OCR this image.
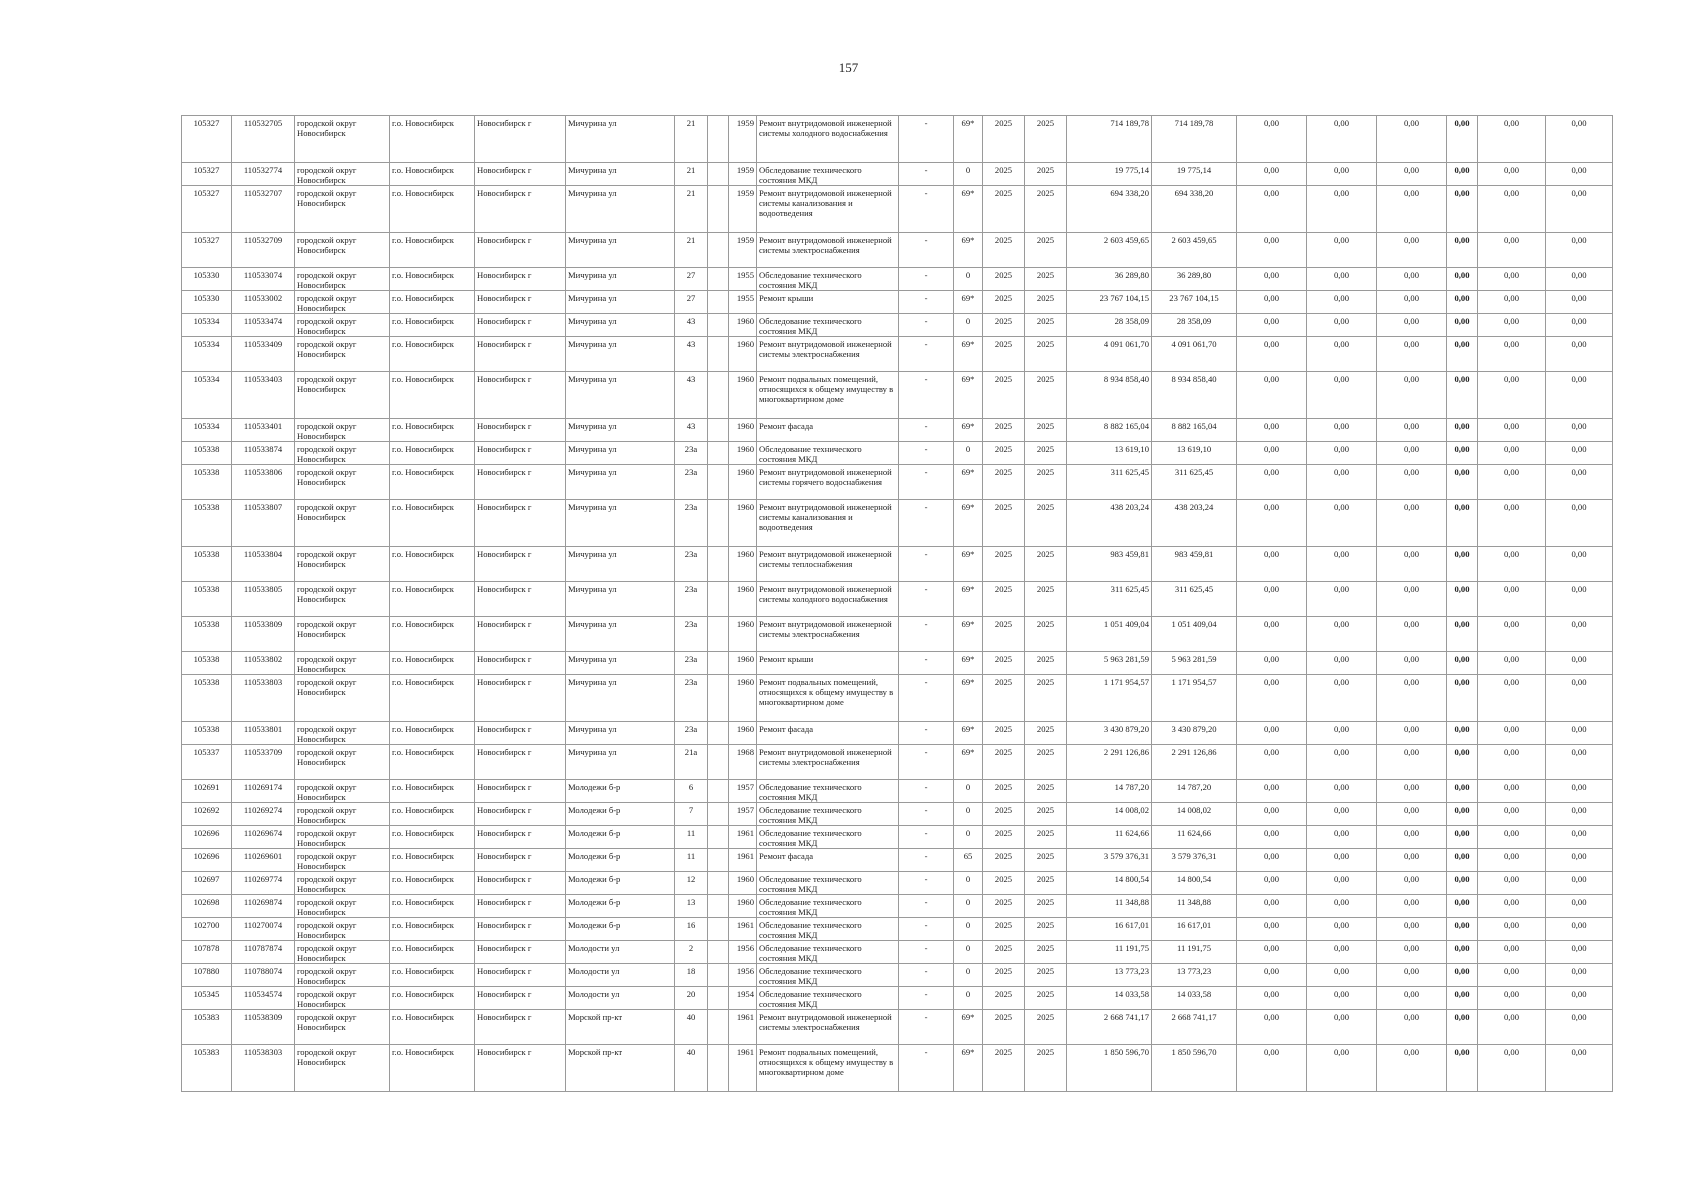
157
105327	110532705	городской округ Новосибирск	г.о. Новосибирск	Новосибирск г	Мичурина ул	21		1959	Ремонт внутридомовой инженерной системы холодного водоснабжения	-	69*	2025	2025	714 189,78	714 189,78	0,00	0,00	0,00	0,00	0,00	0,00
105327	110532774	городской округ Новосибирск	г.о. Новосибирск	Новосибирск г	Мичурина ул	21		1959	Обследование технического состояния МКД	-	0	2025	2025	19 775,14	19 775,14	0,00	0,00	0,00	0,00	0,00	0,00
105327	110532707	городской округ Новосибирск	г.о. Новосибирск	Новосибирск г	Мичурина ул	21		1959	Ремонт внутридомовой инженерной системы канализования и водоотведения	-	69*	2025	2025	694 338,20	694 338,20	0,00	0,00	0,00	0,00	0,00	0,00
105327	110532709	городской округ Новосибирск	г.о. Новосибирск	Новосибирск г	Мичурина ул	21		1959	Ремонт внутридомовой инженерной системы электроснабжения	-	69*	2025	2025	2 603 459,65	2 603 459,65	0,00	0,00	0,00	0,00	0,00	0,00
105330	110533074	городской округ Новосибирск	г.о. Новосибирск	Новосибирск г	Мичурина ул	27		1955	Обследование технического состояния МКД	-	0	2025	2025	36 289,80	36 289,80	0,00	0,00	0,00	0,00	0,00	0,00
105330	110533002	городской округ Новосибирск	г.о. Новосибирск	Новосибирск г	Мичурина ул	27		1955	Ремонт крыши	-	69*	2025	2025	23 767 104,15	23 767 104,15	0,00	0,00	0,00	0,00	0,00	0,00
105334	110533474	городской округ Новосибирск	г.о. Новосибирск	Новосибирск г	Мичурина ул	43		1960	Обследование технического состояния МКД	-	0	2025	2025	28 358,09	28 358,09	0,00	0,00	0,00	0,00	0,00	0,00
105334	110533409	городской округ Новосибирск	г.о. Новосибирск	Новосибирск г	Мичурина ул	43		1960	Ремонт внутридомовой инженерной системы электроснабжения	-	69*	2025	2025	4 091 061,70	4 091 061,70	0,00	0,00	0,00	0,00	0,00	0,00
105334	110533403	городской округ Новосибирск	г.о. Новосибирск	Новосибирск г	Мичурина ул	43		1960	Ремонт подвальных помещений, относящихся к общему имуществу в многоквартирном доме	-	69*	2025	2025	8 934 858,40	8 934 858,40	0,00	0,00	0,00	0,00	0,00	0,00
105334	110533401	городской округ Новосибирск	г.о. Новосибирск	Новосибирск г	Мичурина ул	43		1960	Ремонт фасада	-	69*	2025	2025	8 882 165,04	8 882 165,04	0,00	0,00	0,00	0,00	0,00	0,00
105338	110533874	городской округ Новосибирск	г.о. Новосибирск	Новосибирск г	Мичурина ул	23а		1960	Обследование технического состояния МКД	-	0	2025	2025	13 619,10	13 619,10	0,00	0,00	0,00	0,00	0,00	0,00
105338	110533806	городской округ Новосибирск	г.о. Новосибирск	Новосибирск г	Мичурина ул	23а		1960	Ремонт внутридомовой инженерной системы горячего водоснабжения	-	69*	2025	2025	311 625,45	311 625,45	0,00	0,00	0,00	0,00	0,00	0,00
105338	110533807	городской округ Новосибирск	г.о. Новосибирск	Новосибирск г	Мичурина ул	23а		1960	Ремонт внутридомовой инженерной системы канализования и водоотведения	-	69*	2025	2025	438 203,24	438 203,24	0,00	0,00	0,00	0,00	0,00	0,00
105338	110533804	городской округ Новосибирск	г.о. Новосибирск	Новосибирск г	Мичурина ул	23а		1960	Ремонт внутридомовой инженерной системы теплоснабжения	-	69*	2025	2025	983 459,81	983 459,81	0,00	0,00	0,00	0,00	0,00	0,00
105338	110533805	городской округ Новосибирск	г.о. Новосибирск	Новосибирск г	Мичурина ул	23а		1960	Ремонт внутридомовой инженерной системы холодного водоснабжения	-	69*	2025	2025	311 625,45	311 625,45	0,00	0,00	0,00	0,00	0,00	0,00
105338	110533809	городской округ Новосибирск	г.о. Новосибирск	Новосибирск г	Мичурина ул	23а		1960	Ремонт внутридомовой инженерной системы электроснабжения	-	69*	2025	2025	1 051 409,04	1 051 409,04	0,00	0,00	0,00	0,00	0,00	0,00
105338	110533802	городской округ Новосибирск	г.о. Новосибирск	Новосибирск г	Мичурина ул	23а		1960	Ремонт крыши	-	69*	2025	2025	5 963 281,59	5 963 281,59	0,00	0,00	0,00	0,00	0,00	0,00
105338	110533803	городской округ Новосибирск	г.о. Новосибирск	Новосибирск г	Мичурина ул	23а		1960	Ремонт подвальных помещений, относящихся к общему имуществу в многоквартирном доме	-	69*	2025	2025	1 171 954,57	1 171 954,57	0,00	0,00	0,00	0,00	0,00	0,00
105338	110533801	городской округ Новосибирск	г.о. Новосибирск	Новосибирск г	Мичурина ул	23а		1960	Ремонт фасада	-	69*	2025	2025	3 430 879,20	3 430 879,20	0,00	0,00	0,00	0,00	0,00	0,00
105337	110533709	городской округ Новосибирск	г.о. Новосибирск	Новосибирск г	Мичурина ул	21а		1968	Ремонт внутридомовой инженерной системы электроснабжения	-	69*	2025	2025	2 291 126,86	2 291 126,86	0,00	0,00	0,00	0,00	0,00	0,00
102691	110269174	городской округ Новосибирск	г.о. Новосибирск	Новосибирск г	Молодежи б-р	6		1957	Обследование технического состояния МКД	-	0	2025	2025	14 787,20	14 787,20	0,00	0,00	0,00	0,00	0,00	0,00
102692	110269274	городской округ Новосибирск	г.о. Новосибирск	Новосибирск г	Молодежи б-р	7		1957	Обследование технического состояния МКД	-	0	2025	2025	14 008,02	14 008,02	0,00	0,00	0,00	0,00	0,00	0,00
102696	110269674	городской округ Новосибирск	г.о. Новосибирск	Новосибирск г	Молодежи б-р	11		1961	Обследование технического состояния МКД	-	0	2025	2025	11 624,66	11 624,66	0,00	0,00	0,00	0,00	0,00	0,00
102696	110269601	городской округ Новосибирск	г.о. Новосибирск	Новосибирск г	Молодежи б-р	11		1961	Ремонт фасада	-	65	2025	2025	3 579 376,31	3 579 376,31	0,00	0,00	0,00	0,00	0,00	0,00
102697	110269774	городской округ Новосибирск	г.о. Новосибирск	Новосибирск г	Молодежи б-р	12		1960	Обследование технического состояния МКД	-	0	2025	2025	14 800,54	14 800,54	0,00	0,00	0,00	0,00	0,00	0,00
102698	110269874	городской округ Новосибирск	г.о. Новосибирск	Новосибирск г	Молодежи б-р	13		1960	Обследование технического состояния МКД	-	0	2025	2025	11 348,88	11 348,88	0,00	0,00	0,00	0,00	0,00	0,00
102700	110270074	городской округ Новосибирск	г.о. Новосибирск	Новосибирск г	Молодежи б-р	16		1961	Обследование технического состояния МКД	-	0	2025	2025	16 617,01	16 617,01	0,00	0,00	0,00	0,00	0,00	0,00
107878	110787874	городской округ Новосибирск	г.о. Новосибирск	Новосибирск г	Молодости ул	2		1956	Обследование технического состояния МКД	-	0	2025	2025	11 191,75	11 191,75	0,00	0,00	0,00	0,00	0,00	0,00
107880	110788074	городской округ Новосибирск	г.о. Новосибирск	Новосибирск г	Молодости ул	18		1956	Обследование технического состояния МКД	-	0	2025	2025	13 773,23	13 773,23	0,00	0,00	0,00	0,00	0,00	0,00
105345	110534574	городской округ Новосибирск	г.о. Новосибирск	Новосибирск г	Молодости ул	20		1954	Обследование технического состояния МКД	-	0	2025	2025	14 033,58	14 033,58	0,00	0,00	0,00	0,00	0,00	0,00
105383	110538309	городской округ Новосибирск	г.о. Новосибирск	Новосибирск г	Морской пр-кт	40		1961	Ремонт внутридомовой инженерной системы электроснабжения	-	69*	2025	2025	2 668 741,17	2 668 741,17	0,00	0,00	0,00	0,00	0,00	0,00
105383	110538303	городской округ Новосибирск	г.о. Новосибирск	Новосибирск г	Морской пр-кт	40		1961	Ремонт подвальных помещений, относящихся к общему имуществу в многоквартирном доме	-	69*	2025	2025	1 850 596,70	1 850 596,70	0,00	0,00	0,00	0,00	0,00	0,00
